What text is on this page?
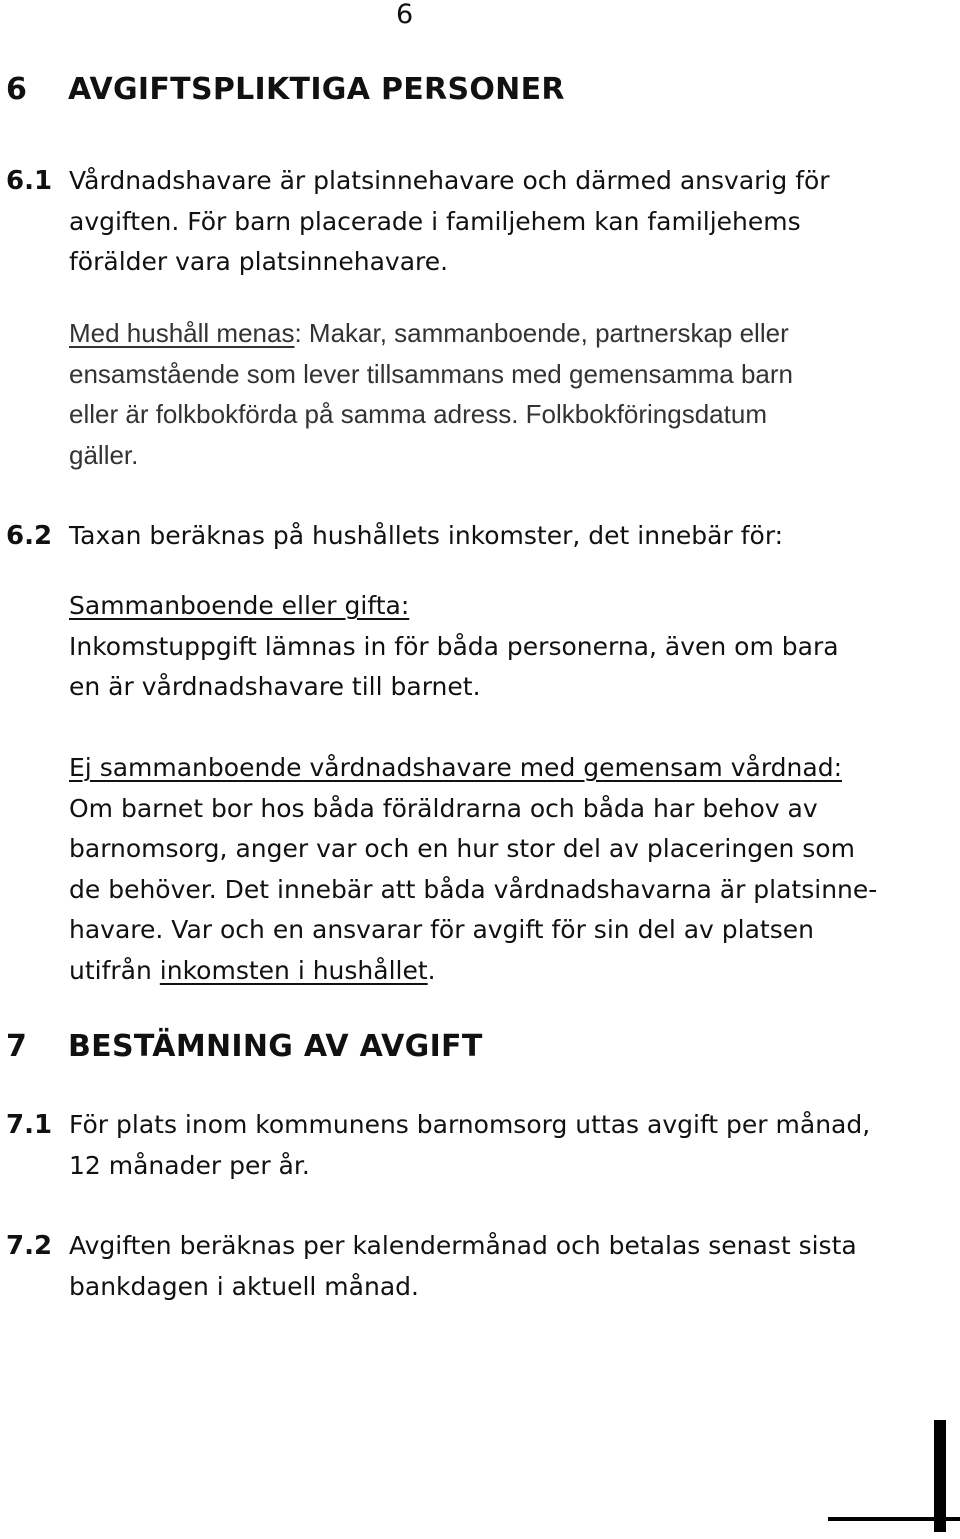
6
6 AVGIFTSPLIKTIGA PERSONER
6.1 Vårdnadshavare är platsinnehavare och därmed ansvarig för
avgiften. För barn placerade i familjehem kan familjehems
förälder vara platsinnehavare.
Med hushåll menas: Makar, sammanboende, partnerskap eller
ensamstående som lever tillsammans med gemensamma barn
eller är folkbokförda på samma adress. Folkbokföringsdatum
gäller.
6.2 Taxan beräknas på hushållets inkomster, det innebär för:
Sammanboende eller gifta:
Inkomstuppgift lämnas in för båda personerna, även om bara
en är vårdnadshavare till barnet.
Ej sammanboende vårdnadshavare med gemensam vårdnad:
Om barnet bor hos båda föräldrarna och båda har behov av
barnomsorg, anger var och en hur stor del av placeringen som
de behöver. Det innebär att båda vårdnadshavarna är platsinne-
havare. Var och en ansvarar för avgift för sin del av platsen
utifrån inkomsten i hushållet.
7 BESTÄMNING AV AVGIFT
7.1 För plats inom kommunens barnomsorg uttas avgift per månad,
12 månader per år.
7.2 Avgiften beräknas per kalendermånad och betalas senast sista
bankdagen i aktuell månad.
